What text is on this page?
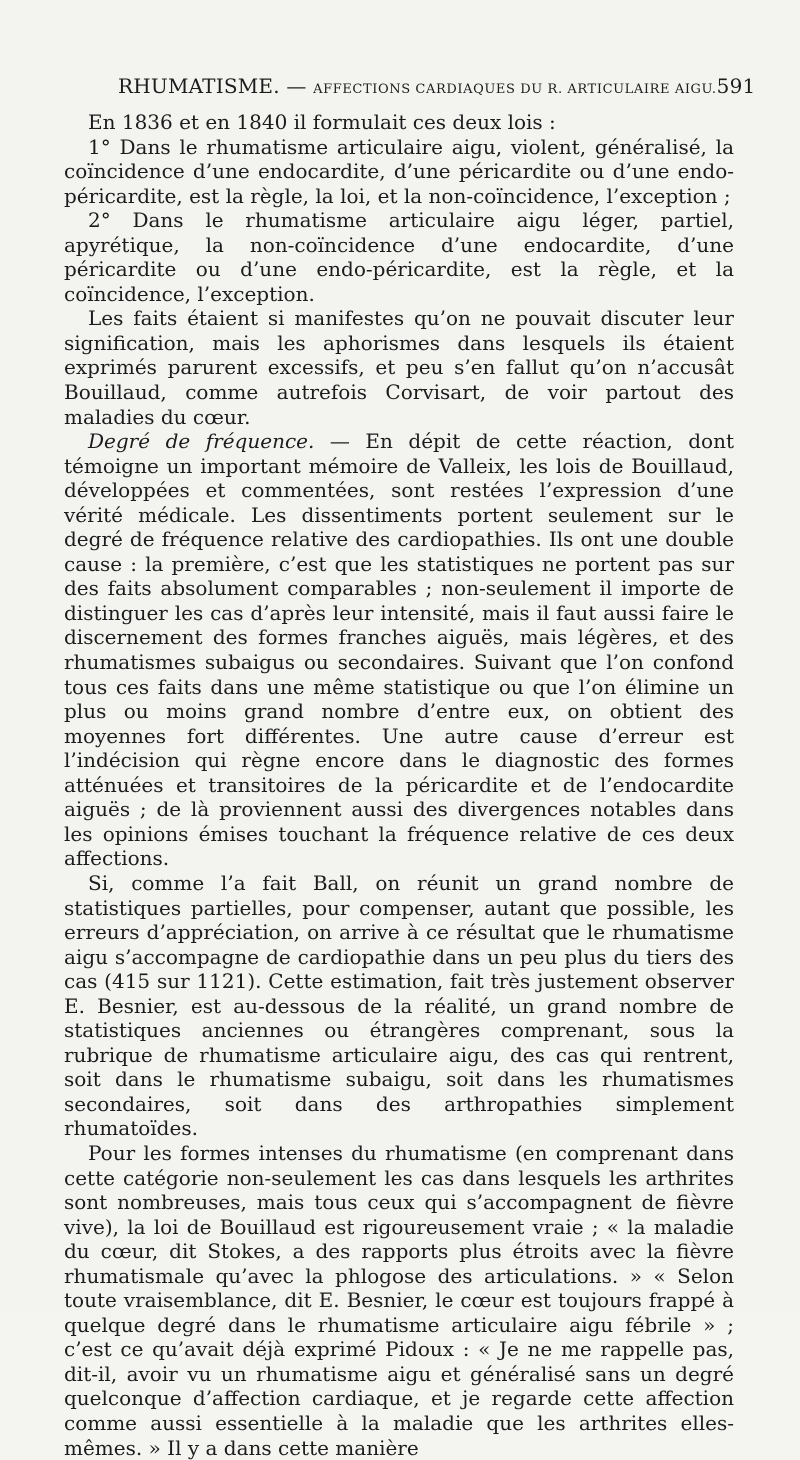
RHUMATISME. — AFFECTIONS CARDIAQUES DU R. ARTICULAIRE AIGU. 591

En 1836 et en 1840 il formulait ces deux lois :

1° Dans le rhumatisme articulaire aigu, violent, généralisé, la coïncidence d’une endocardite, d’une péricardite ou d’une endo-péricardite, est la règle, la loi, et la non-coïncidence, l’exception ;

2° Dans le rhumatisme articulaire aigu léger, partiel, apyrétique, la non-coïncidence d’une endocardite, d’une péricardite ou d’une endo-péricardite, est la règle, et la coïncidence, l’exception.

Les faits étaient si manifestes qu’on ne pouvait discuter leur signification, mais les aphorismes dans lesquels ils étaient exprimés parurent excessifs, et peu s’en fallut qu’on n’accusât Bouillaud, comme autrefois Corvisart, de voir partout des maladies du cœur.

Degré de fréquence. — En dépit de cette réaction, dont témoigne un important mémoire de Valleix, les lois de Bouillaud, développées et commentées, sont restées l’expression d’une vérité médicale. Les dissentiments portent seulement sur le degré de fréquence relative des cardiopathies. Ils ont une double cause : la première, c’est que les statistiques ne portent pas sur des faits absolument comparables ; non-seulement il importe de distinguer les cas d’après leur intensité, mais il faut aussi faire le discernement des formes franches aiguës, mais légères, et des rhumatismes subaigus ou secondaires. Suivant que l’on confond tous ces faits dans une même statistique ou que l’on élimine un plus ou moins grand nombre d’entre eux, on obtient des moyennes fort différentes. Une autre cause d’erreur est l’indécision qui règne encore dans le diagnostic des formes atténuées et transitoires de la péricardite et de l’endocardite aiguës ; de là proviennent aussi des divergences notables dans les opinions émises touchant la fréquence relative de ces deux affections.

Si, comme l’a fait Ball, on réunit un grand nombre de statistiques partielles, pour compenser, autant que possible, les erreurs d’appréciation, on arrive à ce résultat que le rhumatisme aigu s’accompagne de cardiopathie dans un peu plus du tiers des cas (415 sur 1121). Cette estimation, fait très justement observer E. Besnier, est au-dessous de la réalité, un grand nombre de statistiques anciennes ou étrangères comprenant, sous la rubrique de rhumatisme articulaire aigu, des cas qui rentrent, soit dans le rhumatisme subaigu, soit dans les rhumatismes secondaires, soit dans des arthropathies simplement rhumatoïdes.

Pour les formes intenses du rhumatisme (en comprenant dans cette catégorie non-seulement les cas dans lesquels les arthrites sont nombreuses, mais tous ceux qui s’accompagnent de fièvre vive), la loi de Bouillaud est rigoureusement vraie ; « la maladie du cœur, dit Stokes, a des rapports plus étroits avec la fièvre rhumatismale qu’avec la phlogose des articulations. » « Selon toute vraisemblance, dit E. Besnier, le cœur est toujours frappé à quelque degré dans le rhumatisme articulaire aigu fébrile » ; c’est ce qu’avait déjà exprimé Pidoux : « Je ne me rappelle pas, dit-il, avoir vu un rhumatisme aigu et généralisé sans un degré quelconque d’affection cardiaque, et je regarde cette affection comme aussi essentielle à la maladie que les arthrites elles-mêmes. » Il y a dans cette manière
